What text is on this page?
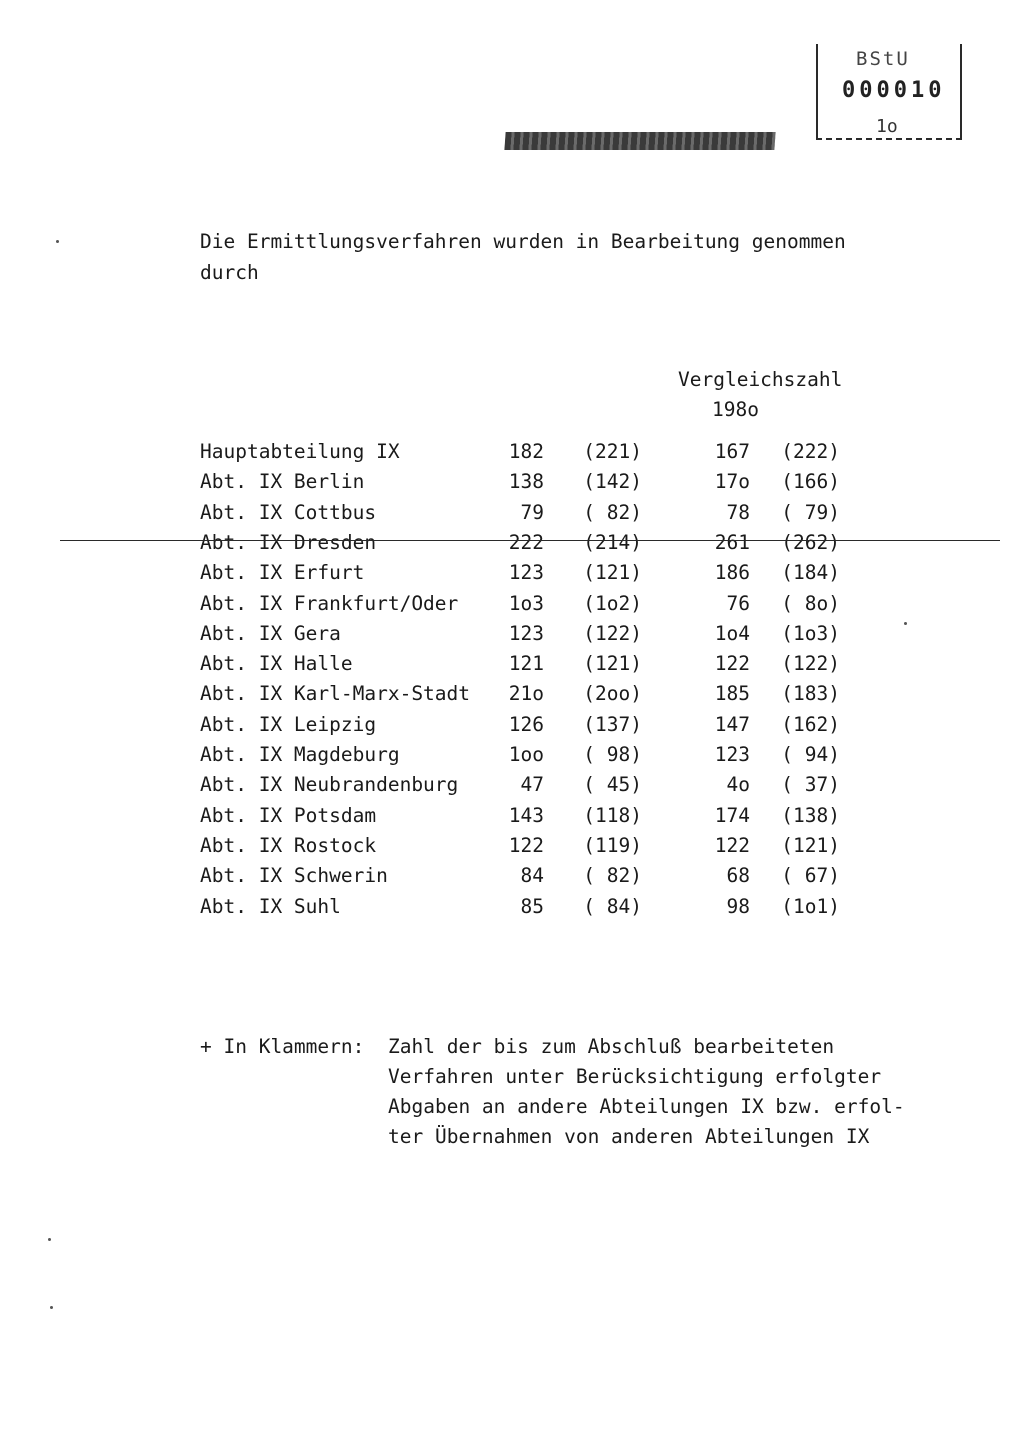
BStU
000010
1o
Die Ermittlungsverfahren wurden in Bearbeitung genommen
durch
Vergleichszahl
198o
Hauptabteilung IX	182 (221)	167 (222)
Abt. IX Berlin	138 (142)	17o (166)
Abt. IX Cottbus	79 ( 82)	78 ( 79)
Abt. IX Dresden	222 (214)	261 (262)
Abt. IX Erfurt	123 (121)	186 (184)
Abt. IX Frankfurt/Oder	1o3 (1o2)	76 ( 8o)
Abt. IX Gera	123 (122)	1o4 (1o3)
Abt. IX Halle	121 (121)	122 (122)
Abt. IX Karl-Marx-Stadt	21o (2oo)	185 (183)
Abt. IX Leipzig	126 (137)	147 (162)
Abt. IX Magdeburg	1oo ( 98)	123 ( 94)
Abt. IX Neubrandenburg	47 ( 45)	4o ( 37)
Abt. IX Potsdam	143 (118)	174 (138)
Abt. IX Rostock	122 (119)	122 (121)
Abt. IX Schwerin	84 ( 82)	68 ( 67)
Abt. IX Suhl	85 ( 84)	98 (1o1)
+ In Klammern: Zahl der bis zum Abschluß bearbeiteten
Verfahren unter Berücksichtigung erfolgter
Abgaben an andere Abteilungen IX bzw. erfol-
ter Übernahmen von anderen Abteilungen IX
